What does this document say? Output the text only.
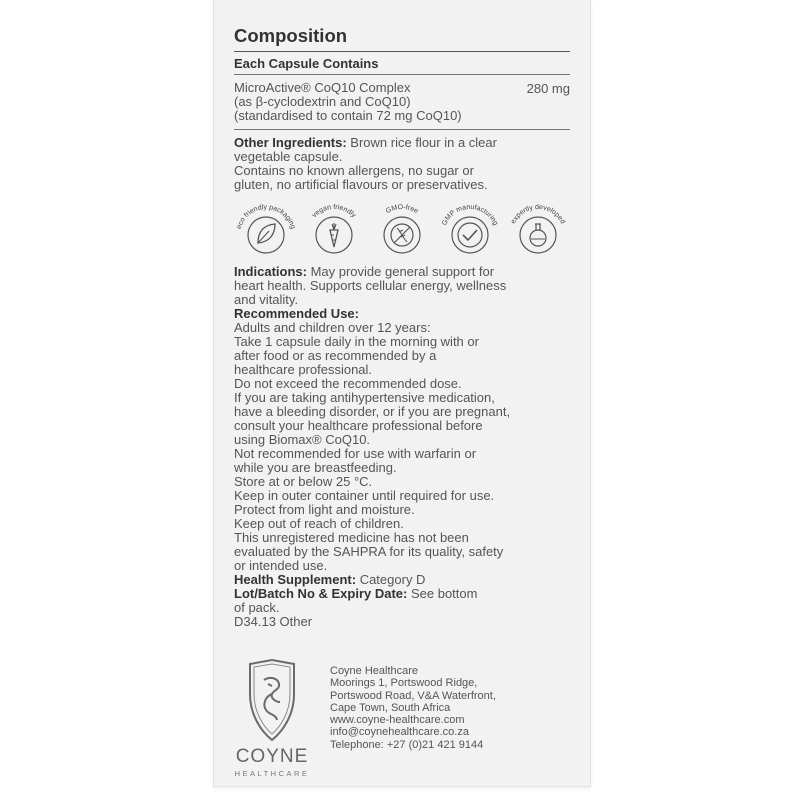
Composition
Each Capsule Contains
MicroActive® CoQ10 Complex
(as β-cyclodextrin and CoQ10)
(standardised to contain 72 mg CoQ10)
280 mg
Other Ingredients: Brown rice flour in a clear
vegetable capsule.
Contains no known allergens, no sugar or
gluten, no artificial flavours or preservatives.
eco friendly packaging
vegan friendly
GMO-free
GMP manufacturing expertly developed
Indications: May provide general support for
heart health. Supports cellular energy, wellness
and vitality.
Recommended Use:
Adults and children over 12 years:
Take 1 capsule daily in the morning with or
after food or as recommended by a
healthcare professional.
Do not exceed the recommended dose.
If you are taking antihypertensive medication,
have a bleeding disorder, or if you are pregnant,
consult your healthcare professional before
using Biomax® CoQ10.
Not recommended for use with warfarin or
while you are breastfeeding.
Store at or below 25 °C.
Keep in outer container until required for use.
Protect from light and moisture.
Keep out of reach of children.
This unregistered medicine has not been
evaluated by the SAHPRA for its quality, safety
or intended use.
Health Supplement: Category D
Lot/Batch No & Expiry Date: See bottom
of pack.
D34.13 Other
COYNE
HEALTHCARE
Coyne Healthcare
Moorings 1, Portswood Ridge,
Portswood Road, V&A Waterfront,
Cape Town, South Africa
www.coyne-healthcare.com
info@coynehealthcare.co.za
Telephone: +27 (0)21 421 9144
